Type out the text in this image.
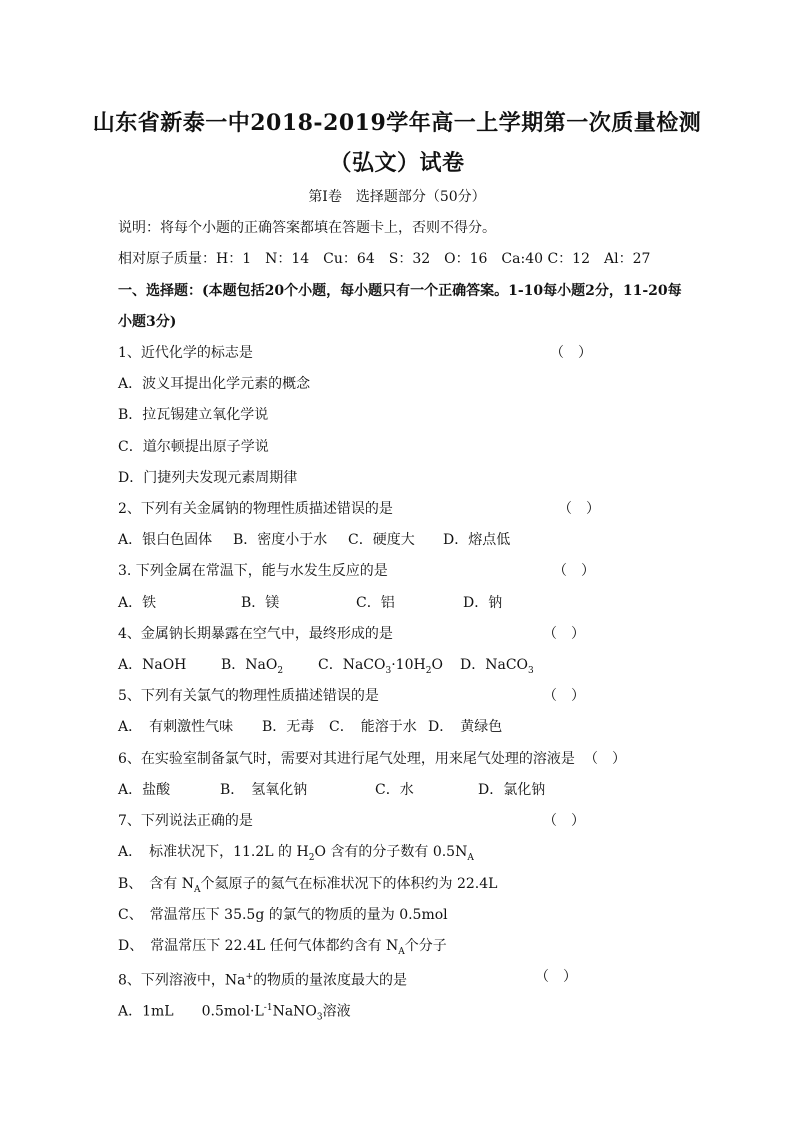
山东省新泰一中2018-2019学年高一上学期第一次质量检测
（弘文）试卷
第Ⅰ卷　选择题部分（50分）
说明：将每个小题的正确答案都填在答题卡上，否则不得分。
相对原子质量：H：1　N：14　Cu：64　S：32　O：16　Ca:40 C：12　Al：27
一、选择题：(本题包括20个小题，每小题只有一个正确答案。1-10每小题2分，11-20每
小题3分)
1、近代化学的标志是	（　）
A．波义耳提出化学元素的概念
B．拉瓦锡建立氧化学说
C．道尔顿提出原子学说
D．门捷列夫发现元素周期律
2、下列有关金属钠的物理性质描述错误的是	（　）
A．银白色固体 B．密度小于水 C．硬度大 D．熔点低
3. 下列金属在常温下，能与水发生反应的是	（　）
A．铁	B．镁	C．铝	D．钠
4、金属钠长期暴露在空气中，最终形成的是	（　）
A．NaOH B．NaO$_2$ C．$NaCO_3\cdot 10H_2O$ D．NaCO$_3$
5、下列有关氯气的物理性质描述错误的是	（　）
A．　有刺激性气味 B．无毒 C．　能溶于水 D．　黄绿色
6、在实验室制备氯气时，需要对其进行尾气处理，用来尾气处理的溶液是 （　）
A．盐酸	B．　氢氧化钠	C．水	D．氯化钠
7、下列说法正确的是	（　）
A．　标准状况下，11.2L 的 $H_2O$ 含有的分子数有 $0.5N_A$
B、　含有 $N_A$个氦原子的氦气在标准状况下的体积约为 22.4L
C、　常温常压下 35.5g 的氯气的物质的量为 0.5mol
D、　常温常压下 22.4L 任何气体都约含有 $N_A$个分子
8、下列溶液中，Na+的物质的量浓度最大的是	（　）
A．1mL　　$0.5mol\cdot L^{-1}NaNO_3$溶液
